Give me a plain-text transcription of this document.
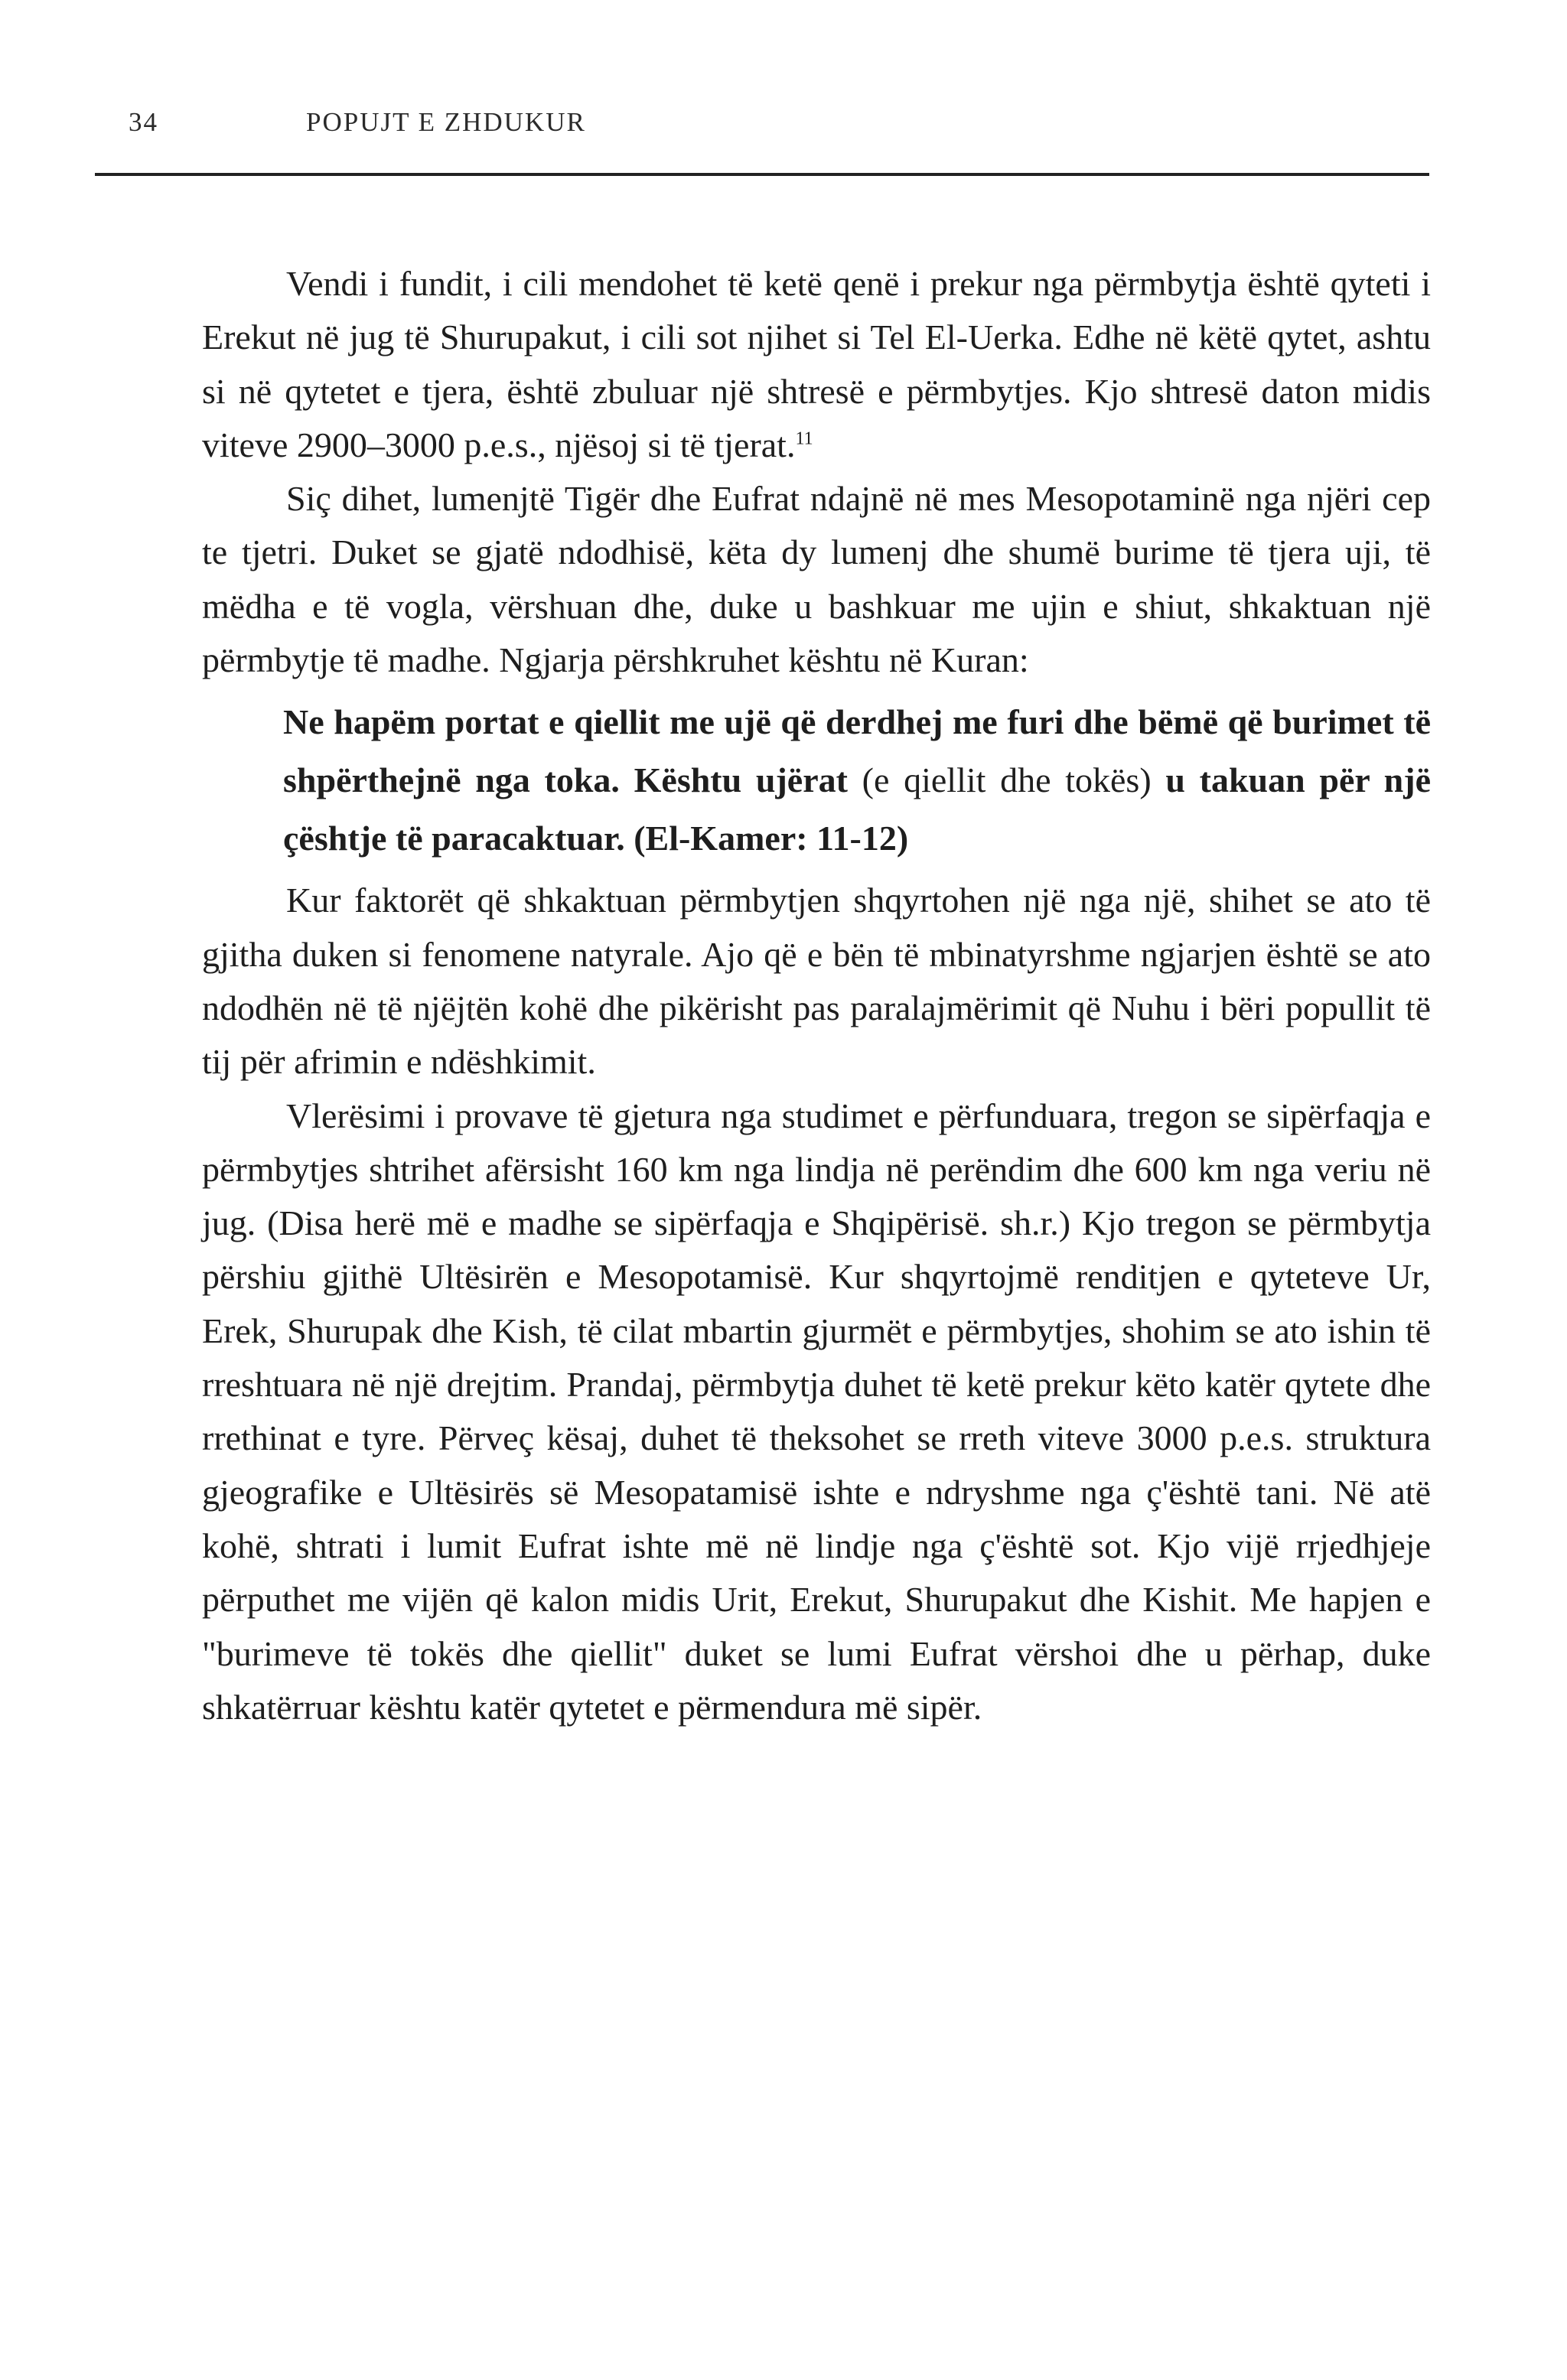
34	POPUJT E ZHDUKUR

Vendi i fundit, i cili mendohet të ketë qenë i prekur nga përmbytja është qyteti i Erekut në jug të Shurupakut, i cili sot njihet si Tel El-Uerka. Edhe në këtë qytet, ashtu si në qytetet e tjera, është zbuluar një shtresë e përmbytjes. Kjo shtresë daton midis viteve 2900–3000 p.e.s., njësoj si të tjerat.$^{11}$

Siç dihet, lumenjtë Tigër dhe Eufrat ndajnë në mes Mesopotaminë nga njëri cep te tjetri. Duket se gjatë ndodhisë, këta dy lumenj dhe shumë burime të tjera uji, të mëdha e të vogla, vërshuan dhe, duke u bashkuar me ujin e shiut, shkaktuan një përmbytje të madhe. Ngjarja përshkruhet kështu në Kuran:

Ne hapëm portat e qiellit me ujë që derdhej me furi dhe bëmë që burimet të shpërthejnë nga toka. Kështu ujërat (e qiellit dhe tokës) u takuan për një çështje të paracaktuar. (El-Kamer: 11-12)

Kur faktorët që shkaktuan përmbytjen shqyrtohen një nga një, shihet se ato të gjitha duken si fenomene natyrale. Ajo që e bën të mbinatyrshme ngjarjen është se ato ndodhën në të njëjtën kohë dhe pikërisht pas paralajmërimit që Nuhu i bëri popullit të tij për afrimin e ndëshkimit.

Vlerësimi i provave të gjetura nga studimet e përfunduara, tregon se sipërfaqja e përmbytjes shtrihet afërsisht 160 km nga lindja në perëndim dhe 600 km nga veriu në jug. (Disa herë më e madhe se sipërfaqja e Shqipërisë. sh.r.) Kjo tregon se përmbytja përshiu gjithë Ultësirën e Mesopotamisë. Kur shqyrtojmë renditjen e qyteteve Ur, Erek, Shurupak dhe Kish, të cilat mbartin gjurmët e përmbytjes, shohim se ato ishin të rreshtuara në një drejtim. Prandaj, përmbytja duhet të ketë prekur këto katër qytete dhe rrethinat e tyre. Përveç kësaj, duhet të theksohet se rreth viteve 3000 p.e.s. struktura gjeografike e Ultësirës së Mesopatamisë ishte e ndryshme nga ç'është tani. Në atë kohë, shtrati i lumit Eufrat ishte më në lindje nga ç'është sot. Kjo vijë rrjedhjeje përputhet me vijën që kalon midis Urit, Erekut, Shurupakut dhe Kishit. Me hapjen e "burimeve të tokës dhe qiellit" duket se lumi Eufrat vërshoi dhe u përhap, duke shkatërruar kështu katër qytetet e përmendura më sipër.
